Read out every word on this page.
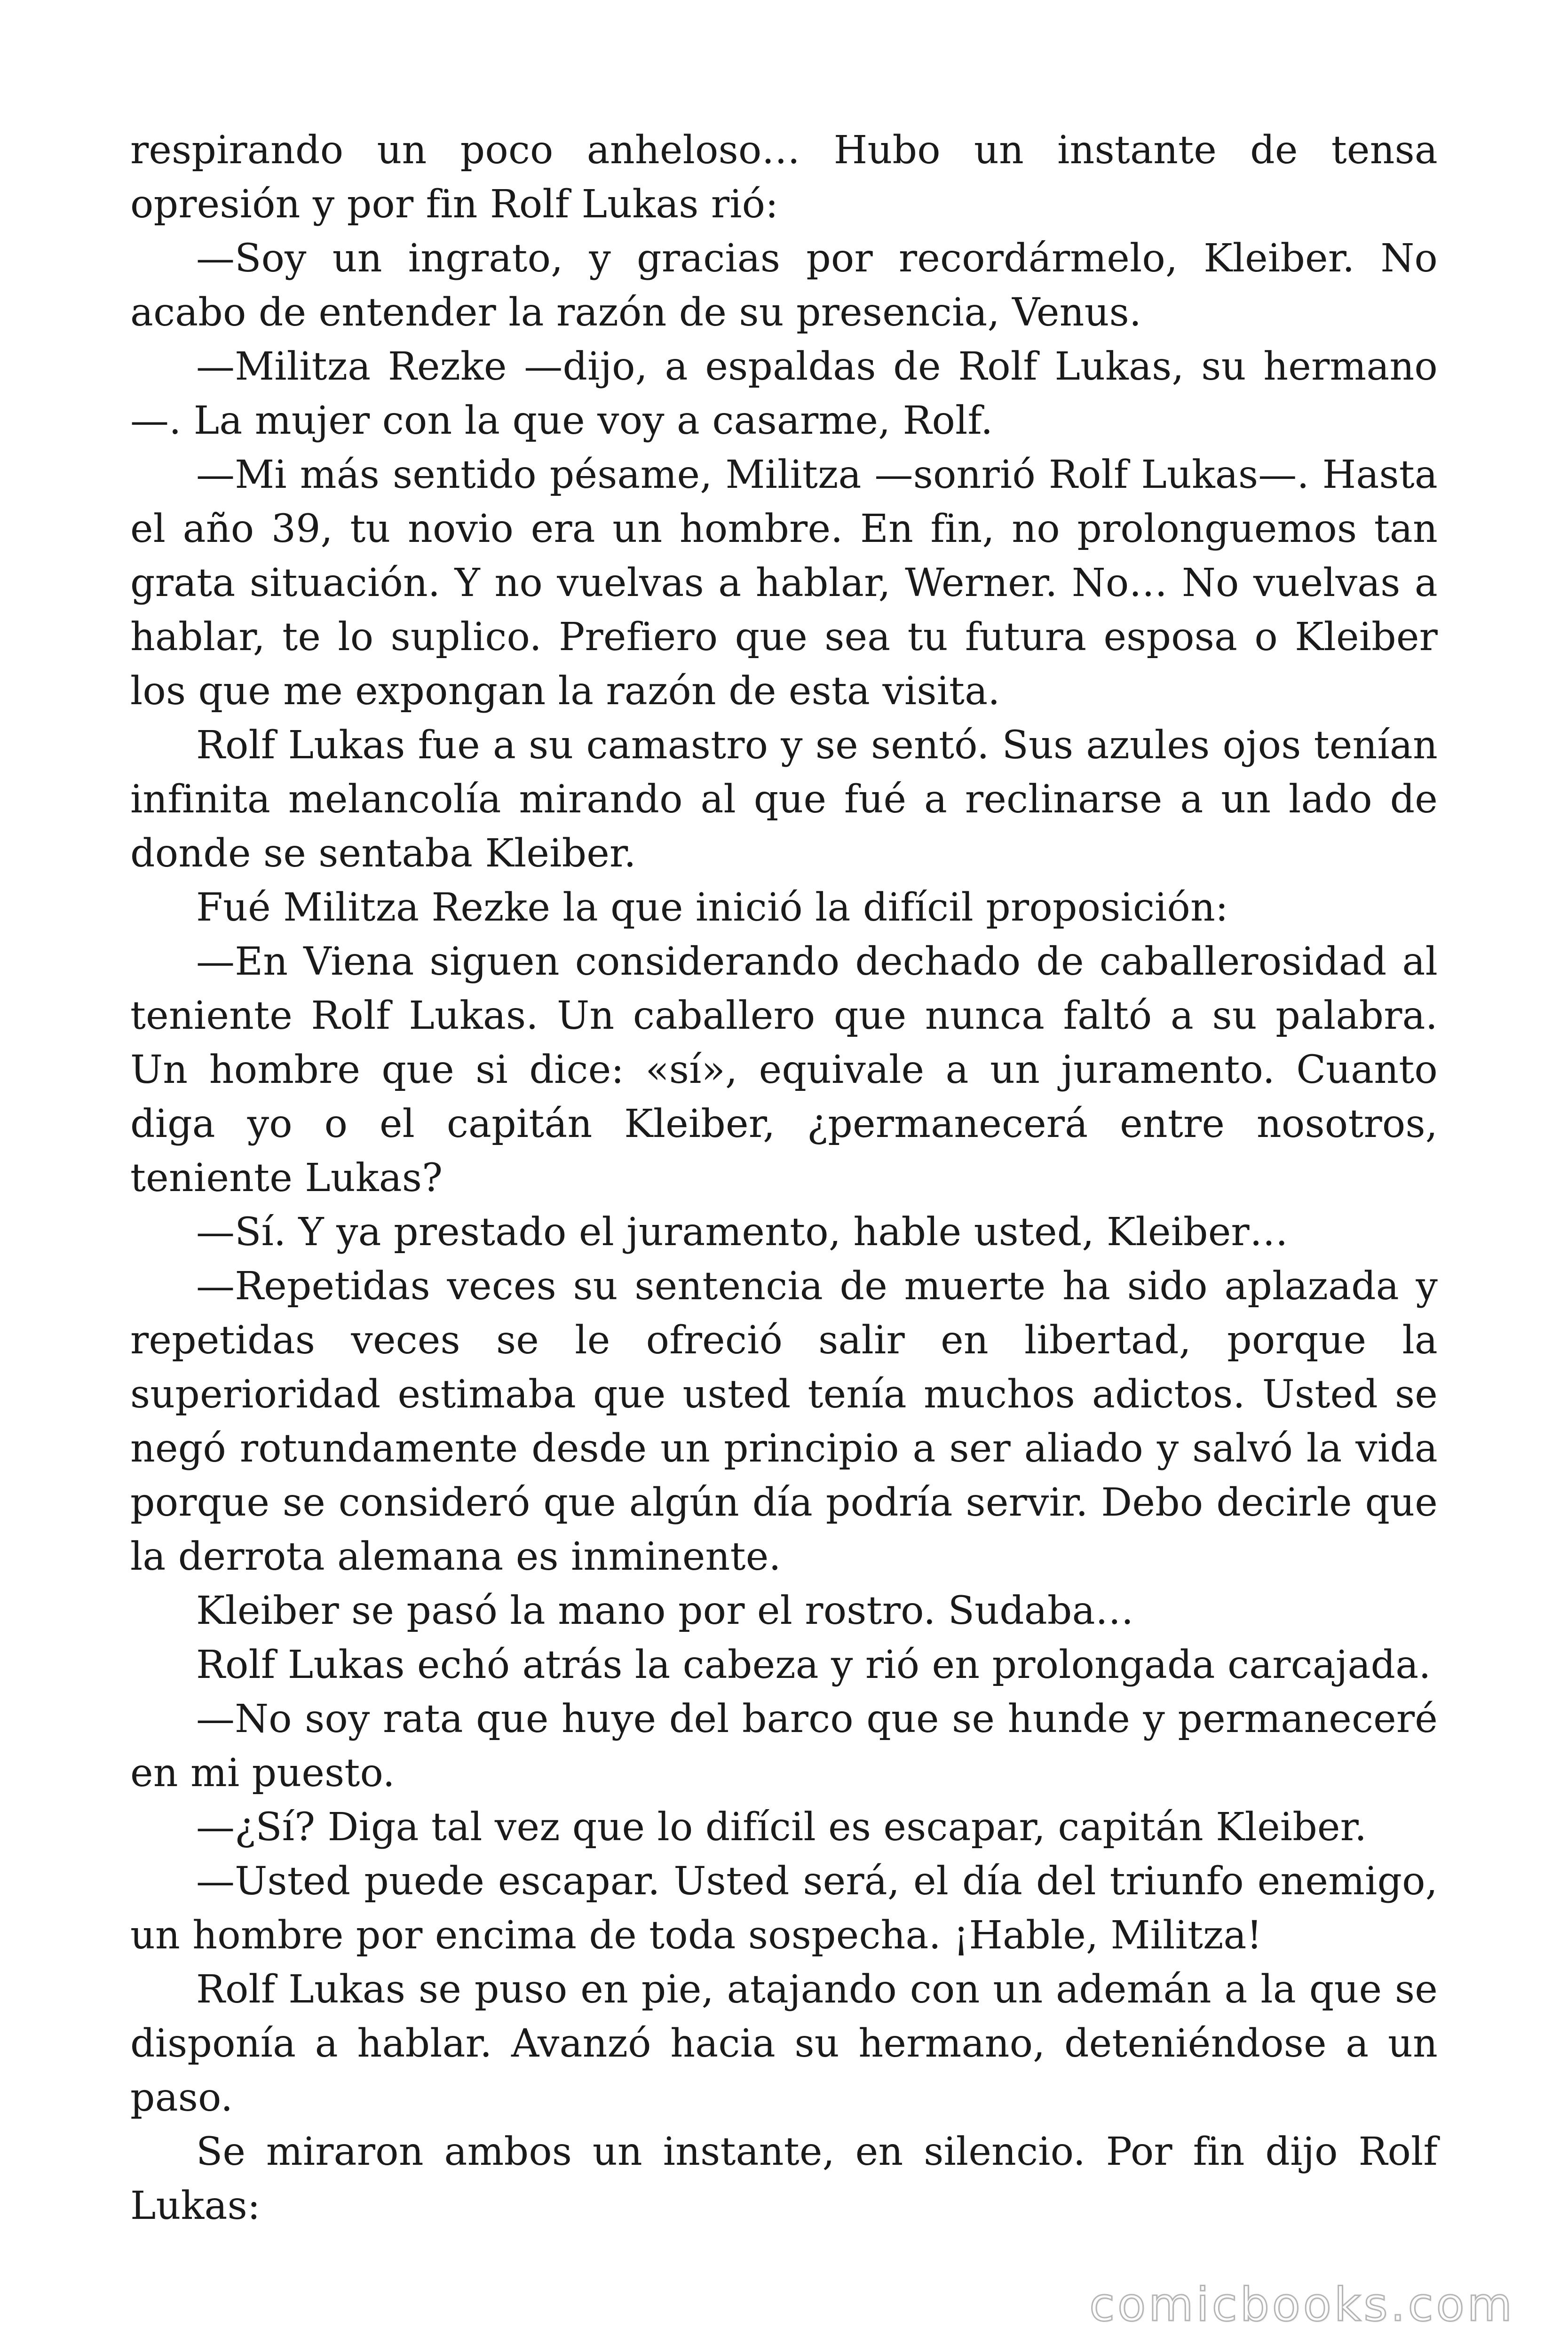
respirando un poco anheloso… Hubo un instante de tensa opresión y por fin Rolf Lukas rió:

—Soy un ingrato, y gracias por recordármelo, Kleiber. No acabo de entender la razón de su presencia, Venus.

—Militza Rezke —dijo, a espaldas de Rolf Lukas, su hermano—. La mujer con la que voy a casarme, Rolf.

—Mi más sentido pésame, Militza —sonrió Rolf Lukas—. Hasta el año 39, tu novio era un hombre. En fin, no prolonguemos tan grata situación. Y no vuelvas a hablar, Werner. No… No vuelvas a hablar, te lo suplico. Prefiero que sea tu futura esposa o Kleiber los que me expongan la razón de esta visita.

Rolf Lukas fue a su camastro y se sentó. Sus azules ojos tenían infinita melancolía mirando al que fué a reclinarse a un lado de donde se sentaba Kleiber.

Fué Militza Rezke la que inició la difícil proposición:

—En Viena siguen considerando dechado de caballerosidad al teniente Rolf Lukas. Un caballero que nunca faltó a su palabra. Un hombre que si dice: «sí», equivale a un juramento. Cuanto diga yo o el capitán Kleiber, ¿permanecerá entre nosotros, teniente Lukas?

—Sí. Y ya prestado el juramento, hable usted, Kleiber…

—Repetidas veces su sentencia de muerte ha sido aplazada y repetidas veces se le ofreció salir en libertad, porque la superioridad estimaba que usted tenía muchos adictos. Usted se negó rotundamente desde un principio a ser aliado y salvó la vida porque se consideró que algún día podría servir. Debo decirle que la derrota alemana es inminente.

Kleiber se pasó la mano por el rostro. Sudaba…

Rolf Lukas echó atrás la cabeza y rió en prolongada carcajada.

—No soy rata que huye del barco que se hunde y permaneceré en mi puesto.

—¿Sí? Diga tal vez que lo difícil es escapar, capitán Kleiber.

—Usted puede escapar. Usted será, el día del triunfo enemigo, un hombre por encima de toda sospecha. ¡Hable, Militza!

Rolf Lukas se puso en pie, atajando con un ademán a la que se disponía a hablar. Avanzó hacia su hermano, deteniéndose a un paso.

Se miraron ambos un instante, en silencio. Por fin dijo Rolf Lukas:

comicbooks.com
